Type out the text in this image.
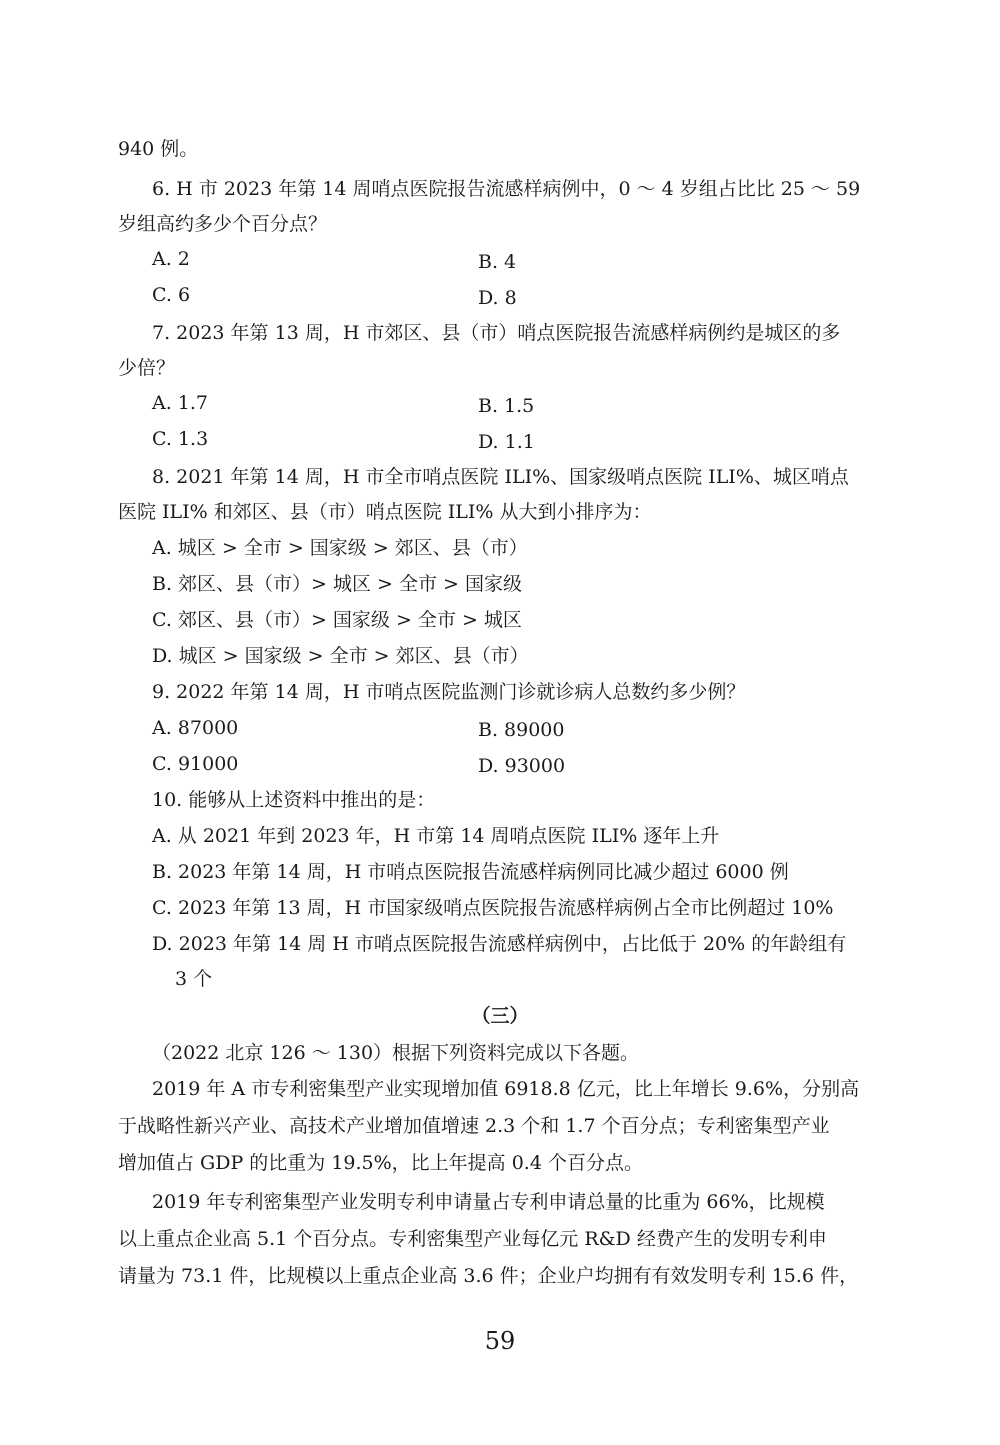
940 例。
6. H 市 2023 年第 14 周哨点医院报告流感样病例中，0 ～ 4 岁组占比比 25 ～ 59
岁组高约多少个百分点？
A. 2	B. 4
C. 6	D. 8
7. 2023 年第 13 周，H 市郊区、县（市）哨点医院报告流感样病例约是城区的多
少倍？
A. 1.7	B. 1.5
C. 1.3	D. 1.1
8. 2021 年第 14 周，H 市全市哨点医院 ILI%、国家级哨点医院 ILI%、城区哨点
医院 ILI% 和郊区、县（市）哨点医院 ILI% 从大到小排序为：
A. 城区 > 全市 > 国家级 > 郊区、县（市）
B. 郊区、县（市）> 城区 > 全市 > 国家级
C. 郊区、县（市）> 国家级 > 全市 > 城区
D. 城区 > 国家级 > 全市 > 郊区、县（市）
9. 2022 年第 14 周，H 市哨点医院监测门诊就诊病人总数约多少例？
A. 87000	B. 89000
C. 91000	D. 93000
10. 能够从上述资料中推出的是：
A. 从 2021 年到 2023 年，H 市第 14 周哨点医院 ILI% 逐年上升
B. 2023 年第 14 周，H 市哨点医院报告流感样病例同比减少超过 6000 例
C. 2023 年第 13 周，H 市国家级哨点医院报告流感样病例占全市比例超过 10%
D. 2023 年第 14 周 H 市哨点医院报告流感样病例中，占比低于 20% 的年龄组有
3 个
（三）
（2022 北京 126 ～ 130）根据下列资料完成以下各题。
2019 年 A 市专利密集型产业实现增加值 6918.8 亿元，比上年增长 9.6%，分别高
于战略性新兴产业、高技术产业增加值增速 2.3 个和 1.7 个百分点；专利密集型产业
增加值占 GDP 的比重为 19.5%，比上年提高 0.4 个百分点。
2019 年专利密集型产业发明专利申请量占专利申请总量的比重为 66%，比规模
以上重点企业高 5.1 个百分点。专利密集型产业每亿元 R&D 经费产生的发明专利申
请量为 73.1 件，比规模以上重点企业高 3.6 件；企业户均拥有有效发明专利 15.6 件，
59
